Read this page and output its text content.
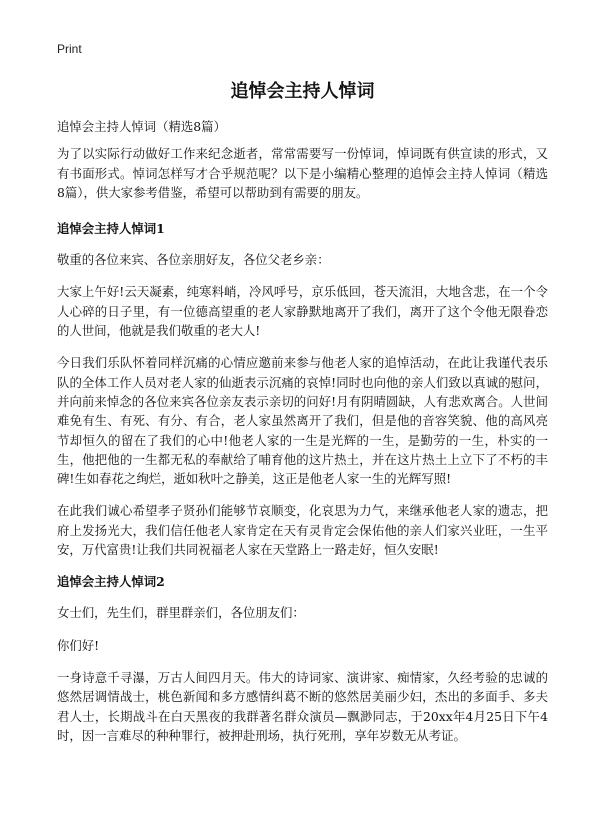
Print
追悼会主持人悼词

追悼会主持人悼词（精选8篇）

为了以实际行动做好工作来纪念逝者，常常需要写一份悼词，悼词既有供宣读的形式，又有书面形式。悼词怎样写才合乎规范呢？以下是小编精心整理的追悼会主持人悼词（精选8篇），供大家参考借鉴，希望可以帮助到有需要的朋友。

追悼会主持人悼词1

敬重的各位来宾、各位亲朋好友，各位父老乡亲：

大家上午好!云天凝素，纯寒料峭，冷风呼号，京乐低回，苍天流泪，大地含悲，在一个令人心碎的日子里，有一位德高望重的老人家静默地离开了我们，离开了这个令他无限眷恋的人世间，他就是我们敬重的老大人!

今日我们乐队怀着同样沉痛的心情应邀前来参与他老人家的追悼活动，在此让我谨代表乐队的全体工作人员对老人家的仙逝表示沉痛的哀悼!同时也向他的亲人们致以真诚的慰问，并向前来悼念的各位来宾各位亲友表示亲切的问好!月有阴晴圆缺，人有悲欢离合。人世间难免有生、有死、有分、有合，老人家虽然离开了我们，但是他的音容笑貌、他的高风亮节却恒久的留在了我们的心中!他老人家的一生是光辉的一生，是勤劳的一生，朴实的一生，他把他的一生都无私的奉献给了哺育他的这片热土，并在这片热土上立下了不朽的丰碑!生如春花之绚烂，逝如秋叶之静美，这正是他老人家一生的光辉写照!

在此我们诚心希望孝子贤孙们能够节哀顺变，化哀思为力气，来继承他老人家的遗志，把府上发扬光大，我们信任他老人家肯定在天有灵肯定会保佑他的亲人们家兴业旺，一生平安，万代富贵!让我们共同祝福老人家在天堂路上一路走好，恒久安眠!

追悼会主持人悼词2

女士们，先生们，群里群亲们，各位朋友们：

你们好!

一身诗意千寻瀑，万古人间四月天。伟大的诗词家、演讲家、痴情家，久经考验的忠诚的悠然居调情战士，桃色新闻和多方感情纠葛不断的悠然居美丽少妇，杰出的多面手、多夫君人士，长期战斗在白天黑夜的我群著名群众演员—飘渺同志，于20xx年4月25日下午4时，因一言难尽的种种罪行，被押赴刑场，执行死刑，享年岁数无从考证。
